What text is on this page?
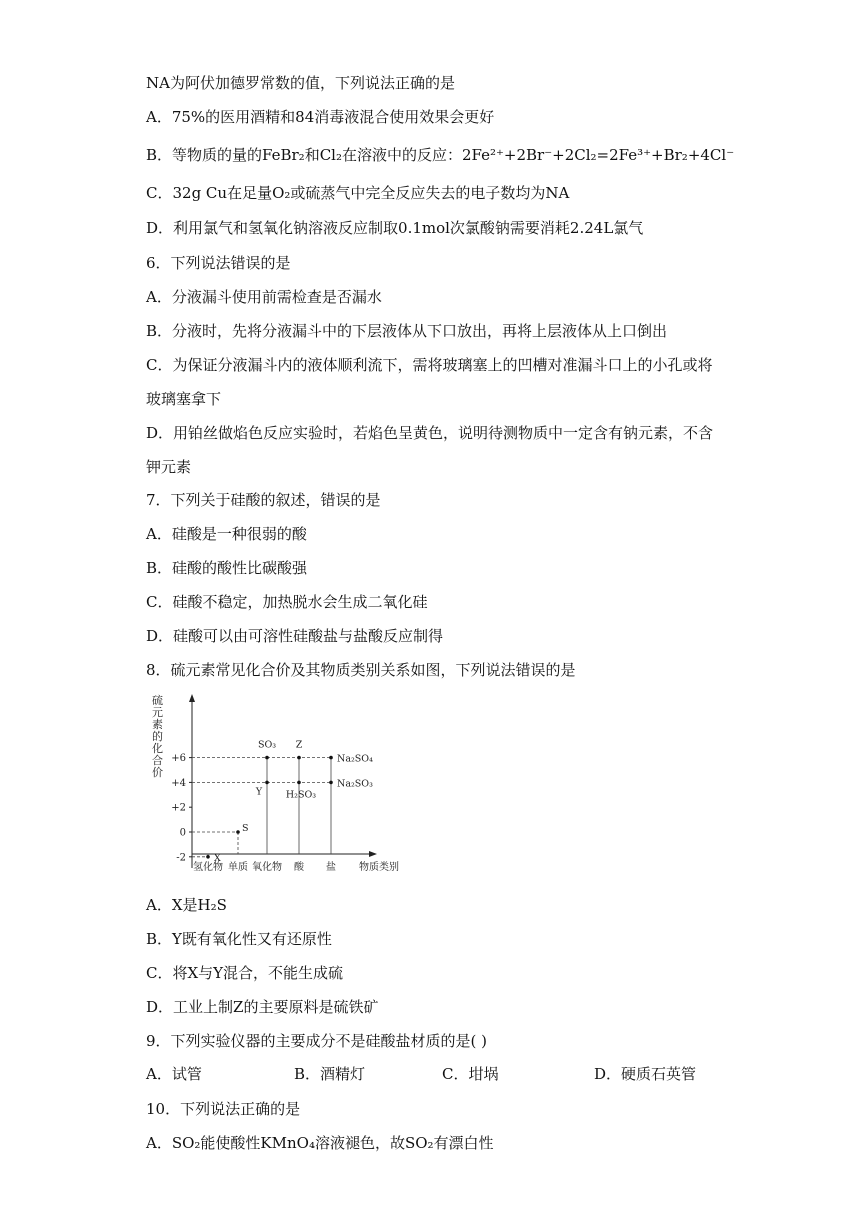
NA为阿伏加德罗常数的值，下列说法正确的是
A．75%的医用酒精和84消毒液混合使用效果会更好
B．等物质的量的FeBr₂和Cl₂在溶液中的反应：2Fe²⁺+2Br⁻+2Cl₂=2Fe³⁺+Br₂+4Cl⁻
C．32g Cu在足量O₂或硫蒸气中完全反应失去的电子数均为NA
D．利用氯气和氢氧化钠溶液反应制取0.1mol次氯酸钠需要消耗2.24L氯气
6．下列说法错误的是
A．分液漏斗使用前需检查是否漏水
B．分液时，先将分液漏斗中的下层液体从下口放出，再将上层液体从上口倒出
C．为保证分液漏斗内的液体顺利流下，需将玻璃塞上的凹槽对准漏斗口上的小孔或将
玻璃塞拿下
D．用铂丝做焰色反应实验时，若焰色呈黄色，说明待测物质中一定含有钠元素，不含
钾元素
7．下列关于硅酸的叙述，错误的是
A．硅酸是一种很弱的酸
B．硅酸的酸性比碳酸强
C．硅酸不稳定，加热脱水会生成二氧化硅
D．硅酸可以由可溶性硅酸盐与盐酸反应制得
8．硫元素常见化合价及其物质类别关系如图，下列说法错误的是
硫
元
素
的
化
合
价
-2
0
+2
+4
+6
X
S
SO₃
Y
Z
H₂SO₃
Na₂SO₄
Na₂SO₃
氢化物 单质 氧化物 酸 盐 物质类别
A．X是H₂S
B．Y既有氧化性又有还原性
C．将X与Y混合，不能生成硫
D．工业上制Z的主要原料是硫铁矿
9．下列实验仪器的主要成分不是硅酸盐材质的是( )
A．试管	B．酒精灯	C．坩埚	D．硬质石英管
10．下列说法正确的是
A．SO₂能使酸性KMnO₄溶液褪色，故SO₂有漂白性
